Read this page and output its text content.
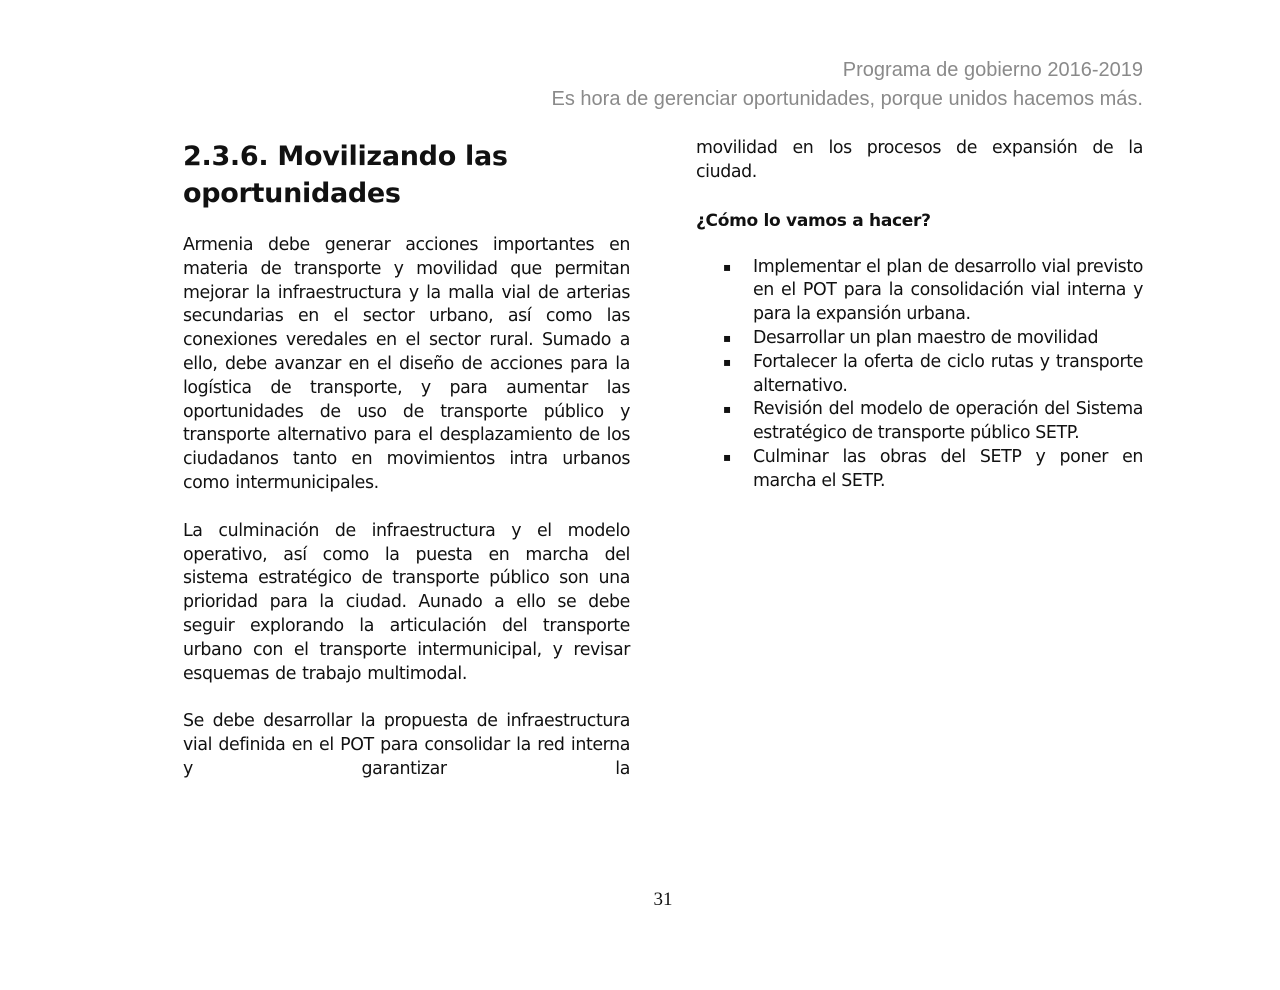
Programa de gobierno 2016-2019
Es hora de gerenciar oportunidades, porque unidos hacemos más.
2.3.6. Movilizando las oportunidades

Armenia debe generar acciones importantes en materia de transporte y movilidad que permitan mejorar la infraestructura y la malla vial de arterias secundarias en el sector urbano, así como las conexiones veredales en el sector rural. Sumado a ello, debe avanzar en el diseño de acciones para la logística de transporte, y para aumentar las oportunidades de uso de transporte público y transporte alternativo para el desplazamiento de los ciudadanos tanto en movimientos intra urbanos como intermunicipales.

La culminación de infraestructura y el modelo operativo, así como la puesta en marcha del sistema estratégico de transporte público son una prioridad para la ciudad. Aunado a ello se debe seguir explorando la articulación del transporte urbano con el transporte intermunicipal, y revisar esquemas de trabajo multimodal.

Se debe desarrollar la propuesta de infraestructura vial definida en el POT para consolidar la red interna y garantizar la

movilidad en los procesos de expansión de la ciudad.

¿Cómo lo vamos a hacer?

▪ Implementar el plan de desarrollo vial previsto en el POT para la consolidación vial interna y para la expansión urbana.
▪ Desarrollar un plan maestro de movilidad
▪ Fortalecer la oferta de ciclo rutas y transporte alternativo.
▪ Revisión del modelo de operación del Sistema estratégico de transporte público SETP.
▪ Culminar las obras del SETP y poner en marcha el SETP.
31
